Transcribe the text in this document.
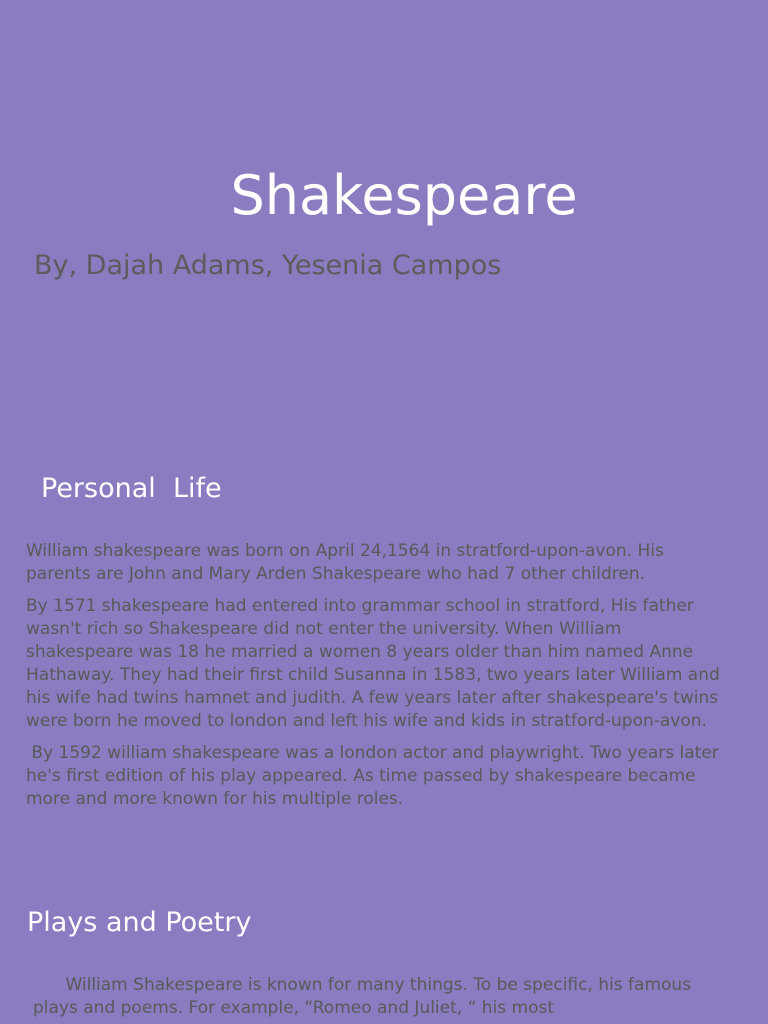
Shakespeare
By, Dajah Adams, Yesenia Campos
Personal  Life

William shakespeare was born on April 24,1564 in stratford-upon-avon. His parents are John and Mary Arden Shakespeare who had 7 other children.

By 1571 shakespeare had entered into grammar school in stratford, His father wasn't rich so Shakespeare did not enter the university. When William shakespeare was 18 he married a women 8 years older than him named Anne Hathaway. They had their first child Susanna in 1583, two years later William and his wife had twins hamnet and judith. A few years later after shakespeare's twins were born he moved to london and left his wife and kids in stratford-upon-avon.

By 1592 william shakespeare was a london actor and playwright. Two years later he's first edition of his play appeared. As time passed by shakespeare became more and more known for his multiple roles.

Plays and Poetry
William Shakespeare is known for many things. To be specific, his famous plays and poems. For example, “Romeo and Juliet, “ his most
